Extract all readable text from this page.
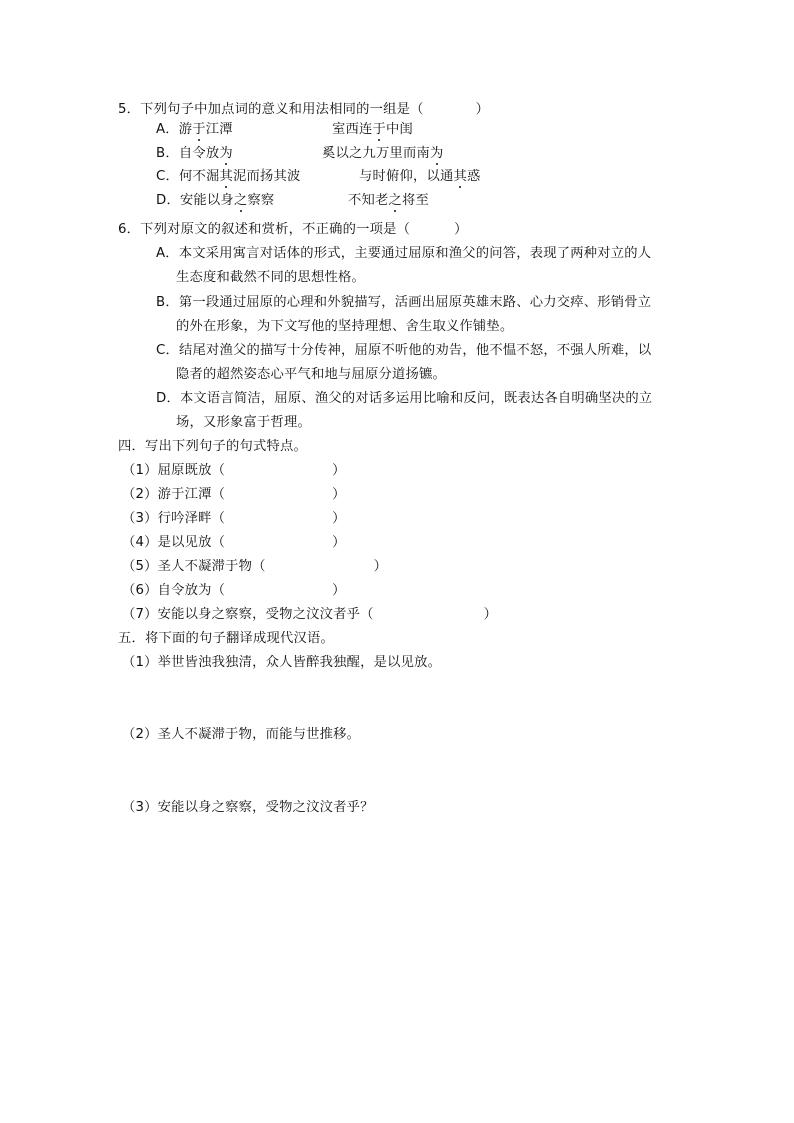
5．下列句子中加点词的意义和用法相同的一组是（	）
A．游于江潭	室西连于中闺
B．自令放为	奚以之九万里而南为
C．何不淈其泥而扬其波	与时俯仰，以通其惑
D．安能以身之察察	不知老之将至
6．下列对原文的叙述和赏析，不正确的一项是（	）
A．本文采用寓言对话体的形式，主要通过屈原和渔父的问答，表现了两种对立的人
生态度和截然不同的思想性格。
B．第一段通过屈原的心理和外貌描写，活画出屈原英雄末路、心力交瘁、形销骨立
的外在形象，为下文写他的坚持理想、舍生取义作铺垫。
C．结尾对渔父的描写十分传神，屈原不听他的劝告，他不愠不怒，不强人所难，以
隐者的超然姿态心平气和地与屈原分道扬镳。
D．本文语言简洁，屈原、渔父的对话多运用比喻和反问，既表达各自明确坚决的立
场，又形象富于哲理。
四．写出下列句子的句式特点。
（1）屈原既放（	）
（2）游于江潭（	）
（3）行吟泽畔（	）
（4）是以见放（	）
（5）圣人不凝滞于物（	）
（6）自令放为（	）
（7）安能以身之察察，受物之汶汶者乎（	）
五．将下面的句子翻译成现代汉语。
（1）举世皆浊我独清，众人皆醉我独醒，是以见放。
（2）圣人不凝滞于物，而能与世推移。
（3）安能以身之察察，受物之汶汶者乎？
